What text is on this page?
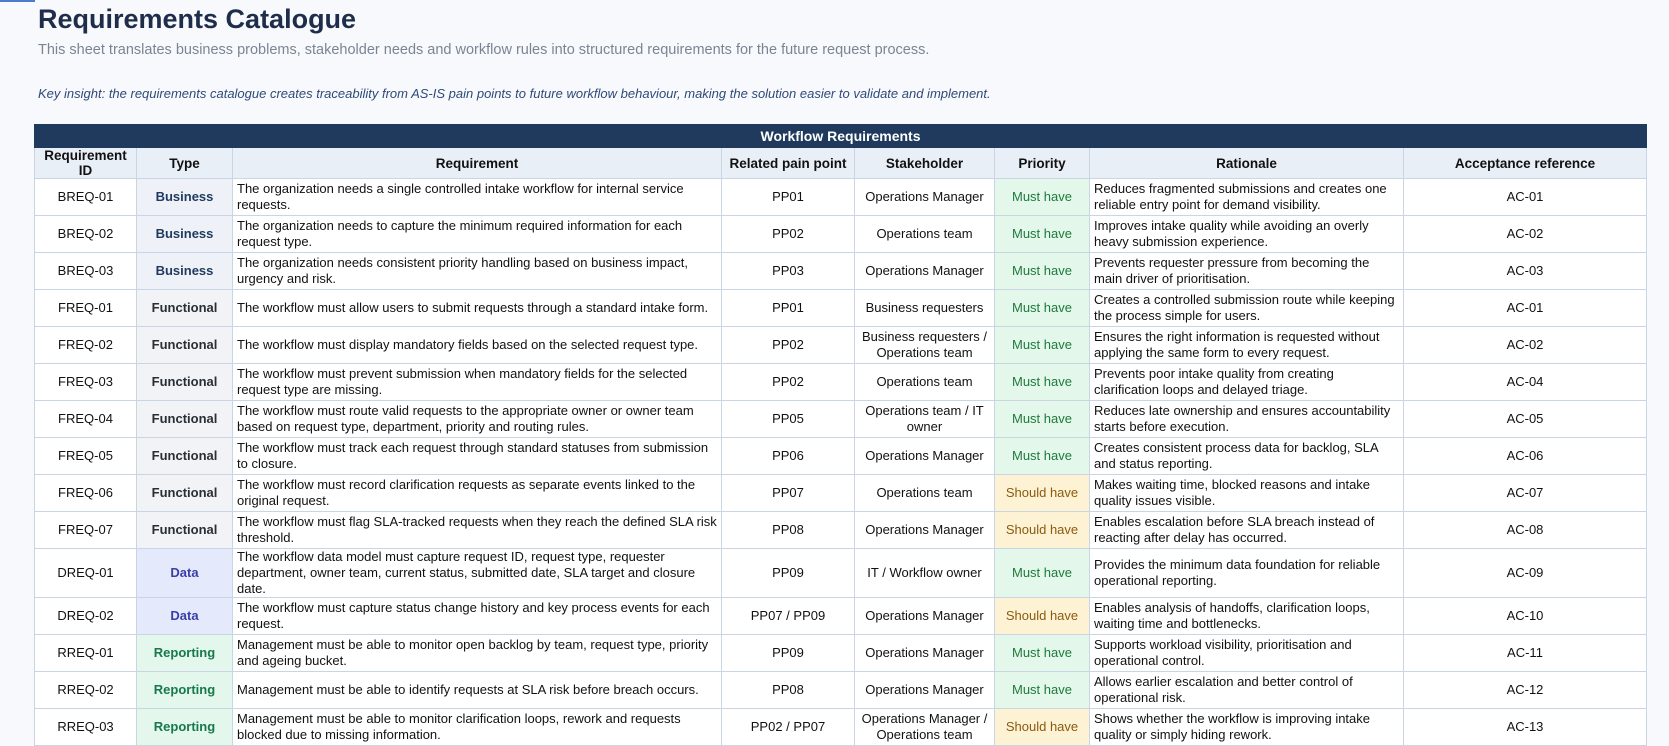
Requirements Catalogue
This sheet translates business problems, stakeholder needs and workflow rules into structured requirements for the future request process.
Key insight: the requirements catalogue creates traceability from AS-IS pain points to future workflow behaviour, making the solution easier to validate and implement.
Workflow Requirements							
Requirement ID	Type	Requirement	Related pain point	Stakeholder	Priority	Rationale	Acceptance reference
BREQ-01	Business	The organization needs a single controlled intake workflow for internal service requests.	PP01	Operations Manager	Must have	Reduces fragmented submissions and creates one reliable entry point for demand visibility.	AC-01
BREQ-02	Business	The organization needs to capture the minimum required information for each request type.	PP02	Operations team	Must have	Improves intake quality while avoiding an overly heavy submission experience.	AC-02
BREQ-03	Business	The organization needs consistent priority handling based on business impact, urgency and risk.	PP03	Operations Manager	Must have	Prevents requester pressure from becoming the main driver of prioritisation.	AC-03
FREQ-01	Functional	The workflow must allow users to submit requests through a standard intake form.	PP01	Business requesters	Must have	Creates a controlled submission route while keeping the process simple for users.	AC-01
FREQ-02	Functional	The workflow must display mandatory fields based on the selected request type.	PP02	Business requesters / Operations team	Must have	Ensures the right information is requested without applying the same form to every request.	AC-02
FREQ-03	Functional	The workflow must prevent submission when mandatory fields for the selected request type are missing.	PP02	Operations team	Must have	Prevents poor intake quality from creating clarification loops and delayed triage.	AC-04
FREQ-04	Functional	The workflow must route valid requests to the appropriate owner or owner team based on request type, department, priority and routing rules.	PP05	Operations team / IT owner	Must have	Reduces late ownership and ensures accountability starts before execution.	AC-05
FREQ-05	Functional	The workflow must track each request through standard statuses from submission to closure.	PP06	Operations Manager	Must have	Creates consistent process data for backlog, SLA and status reporting.	AC-06
FREQ-06	Functional	The workflow must record clarification requests as separate events linked to the original request.	PP07	Operations team	Should have	Makes waiting time, blocked reasons and intake quality issues visible.	AC-07
FREQ-07	Functional	The workflow must flag SLA-tracked requests when they reach the defined SLA risk threshold.	PP08	Operations Manager	Should have	Enables escalation before SLA breach instead of reacting after delay has occurred.	AC-08
DREQ-01	Data	The workflow data model must capture request ID, request type, requester department, owner team, current status, submitted date, SLA target and closure date.	PP09	IT / Workflow owner	Must have	Provides the minimum data foundation for reliable operational reporting.	AC-09
DREQ-02	Data	The workflow must capture status change history and key process events for each request.	PP07 / PP09	Operations Manager	Should have	Enables analysis of handoffs, clarification loops, waiting time and bottlenecks.	AC-10
RREQ-01	Reporting	Management must be able to monitor open backlog by team, request type, priority and ageing bucket.	PP09	Operations Manager	Must have	Supports workload visibility, prioritisation and operational control.	AC-11
RREQ-02	Reporting	Management must be able to identify requests at SLA risk before breach occurs.	PP08	Operations Manager	Must have	Allows earlier escalation and better control of operational risk.	AC-12
RREQ-03	Reporting	Management must be able to monitor clarification loops, rework and requests blocked due to missing information.	PP02 / PP07	Operations Manager / Operations team	Should have	Shows whether the workflow is improving intake quality or simply hiding rework.	AC-13
